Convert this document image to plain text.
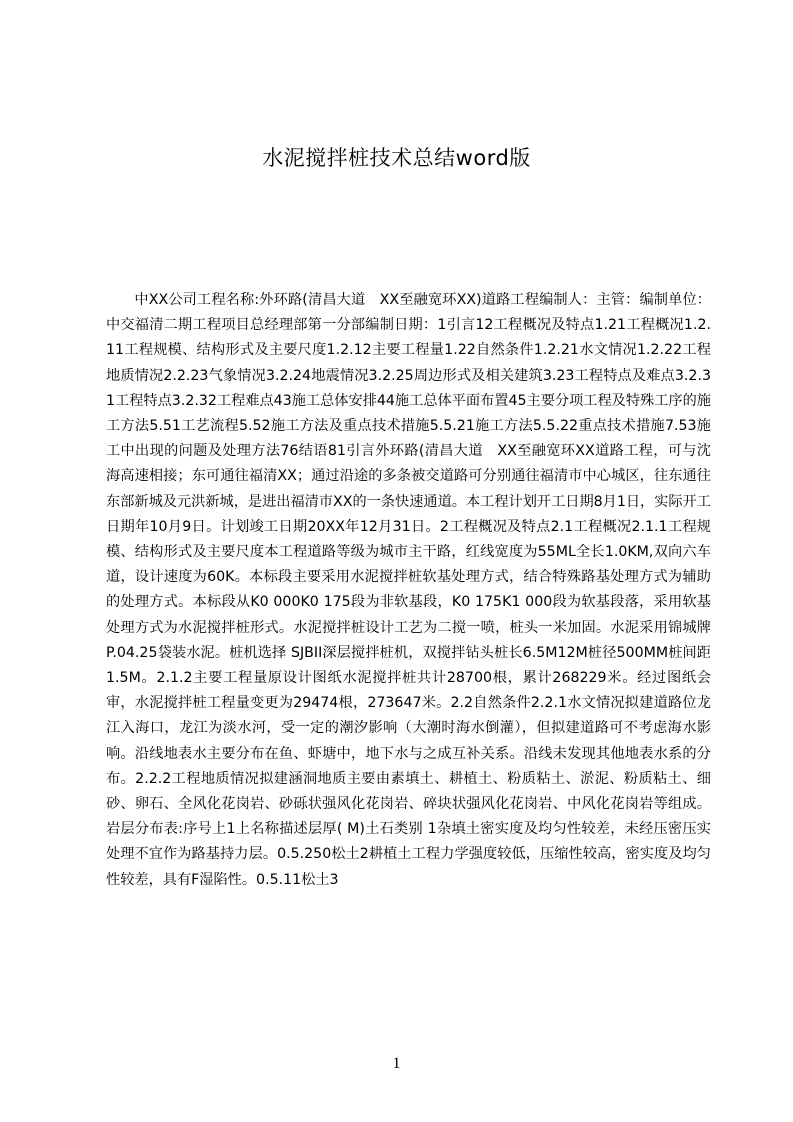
水泥搅拌桩技术总结word版

中XX公司工程名称:外环路(清昌大道　XX至融宽环XX)道路工程编制人：主管：编制单位：中交福清二期工程项目总经理部第一分部编制日期：1引言12工程概况及特点1.21工程概况1.2.11工程规模、结构形式及主要尺度1.2.12主要工程量1.22自然条件1.2.21水文情况1.2.22工程地质情况2.2.23气象情况3.2.24地震情况3.2.25周边形式及相关建筑3.23工程特点及难点3.2.31工程特点3.2.32工程难点43施工总体安排44施工总体平面布置45主要分项工程及特殊工序的施工方法5.51工艺流程5.52施工方法及重点技术措施5.5.21施工方法5.5.22重点技术措施7.53施工中出现的问题及处理方法76结语81引言外环路(清昌大道　XX至融宽环XX道路工程，可与沈海高速相接；东可通往福清XX；通过沿途的多条被交道路可分别通往福清市中心城区，往东通往东部新城及元洪新城，是进出福清市XX的一条快速通道。本工程计划开工日期8月1日，实际开工日期年10月9日。计划竣工日期20XX年12月31日。2工程概况及特点2.1工程概况2.1.1工程规模、结构形式及主要尺度本工程道路等级为城市主干路，红线宽度为55ML全长1.0KM,双向六车道，设计速度为60K。本标段主要采用水泥搅拌桩软基处理方式，结合特殊路基处理方式为辅助的处理方式。本标段从K0 000K0 175段为非软基段，K0 175K1 000段为软基段落，采用软基处理方式为水泥搅拌桩形式。水泥搅拌桩设计工艺为二搅一喷，桩头一米加固。水泥采用锦城牌P.04.25袋装水泥。桩机选择 SJBII深层搅拌桩机，双搅拌钻头桩长6.5M12M桩径500MM桩间距1.5M。2.1.2主要工程量原设计图纸水泥搅拌桩共计28700根，累计268229米。经过图纸会审，水泥搅拌桩工程量变更为29474根，273647米。2.2自然条件2.2.1水文情况拟建道路位龙江入海口，龙江为淡水河，受一定的潮汐影响（大潮时海水倒灌），但拟建道路可不考虑海水影响。沿线地表水主要分布在鱼、虾塘中，地下水与之成互补关系。沿线未发现其他地表水系的分布。2.2.2工程地质情况拟建涵洞地质主要由素填土、耕植土、粉质粘土、淤泥、粉质粘土、细砂、卵石、全风化花岗岩、砂砾状强风化花岗岩、碎块状强风化花岗岩、中风化花岗岩等组成。岩层分布表:序号上1上名称描述层厚( M)土石类别 1杂填土密实度及均匀性较差，未经压密压实处理不宜作为路基持力层。0.5.250松土2耕植土工程力学强度较低，压缩性较高，密实度及均匀性较差，具有F湿陷性。0.5.11松土3

1
